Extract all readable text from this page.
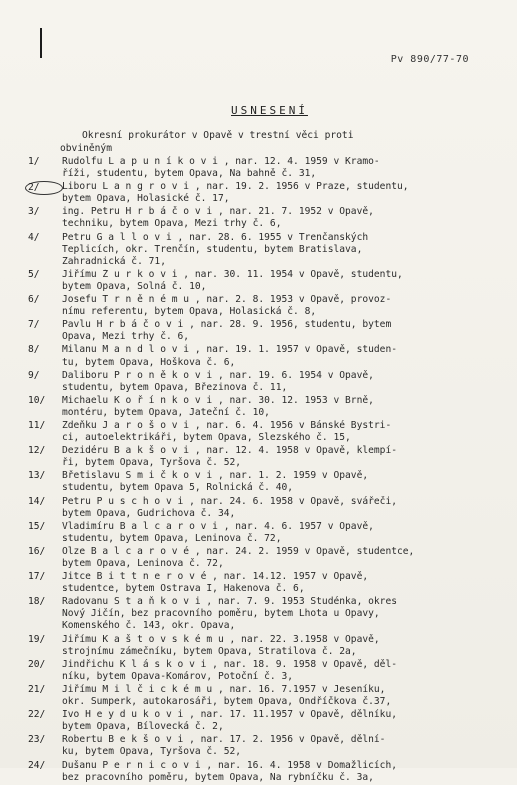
Pv 890/77-70
USNESENÍ
Okresní prokurátor v Opavě v trestní věci proti
obviněným
1/	Rudolfu L a p u n í k o v i , nar. 12. 4. 1959 v Kramo-
říži, studentu, bytem Opava, Na bahně č. 31,
2/	Liboru L a n g r o v i , nar. 19. 2. 1956 v Praze, studentu,
bytem Opava, Holasické č. 17,
3/	ing. Petru H r b á č o v i , nar. 21. 7. 1952 v Opavě,
techniku, bytem Opava, Mezi trhy č. 6,
4/	Petru G a l l o v i , nar. 28. 6. 1955 v Trenčanských
Teplicích, okr. Trenčín, studentu, bytem Bratislava,
Zahradnická č. 71,
5/	Jiřímu Ž u r k o v i , nar. 30. 11. 1954 v Opavě, studentu,
bytem Opava, Solná č. 10,
6/	Josefu T r n ě n é m u , nar. 2. 8. 1953 v Opavě, provoz-
nímu referentu, bytem Opava, Holasická č. 8,
7/	Pavlu H r b á č o v i , nar. 28. 9. 1956, studentu, bytem
Opava, Mezi trhy č. 6,
8/	Milanu M a n d l o v i , nar. 19. 1. 1957 v Opavě, studen-
tu, bytem Opava, Hoškova č. 6,
9/	Daliboru P r o n ě k o v i , nar. 19. 6. 1954 v Opavě,
studentu, bytem Opava, Březinova č. 11,
10/	Michaelu K o ř í n k o v i , nar. 30. 12. 1953 v Brně,
montéru, bytem Opava, Jateční č. 10,
11/	Zdeňku J a r o š o v i , nar. 6. 4. 1956 v Bánské Bystri-
ci, autoelektrikáři, bytem Opava, Slezského č. 15,
12/	Dezidéru B a k š o v i , nar. 12. 4. 1958 v Opavě, klempí-
ři, bytem Opava, Tyršova č. 52,
13/	Břetislavu S m i č k o v i , nar. 1. 2. 1959 v Opavě,
studentu, bytem Opava 5, Rolnická č. 40,
14/	Petru P u s c h o v i , nar. 24. 6. 1958 v Opavě, svářeči,
bytem Opava, Gudrichova č. 34,
15/	Vladimíru B a l c a r o v i , nar. 4. 6. 1957 v Opavě,
studentu, bytem Opava, Leninova č. 72,
16/	Olze B a l c a r o v é , nar. 24. 2. 1959 v Opavě, studentce,
bytem Opava, Leninova č. 72,
17/	Jitce B i t t n e r o v é , nar. 14.12. 1957 v Opavě,
studentce, bytem Ostrava I, Hakenova č. 6,
18/	Radovanu S t a ň k o v i , nar. 7. 9. 1953 Studénka, okres
Nový Jičín, bez pracovního poměru, bytem Lhota u Opavy,
Komenského č. 143, okr. Opava,
19/	Jiřímu K a š t o v s k é m u , nar. 22. 3.1958 v Opavě,
strojnímu zámečníku, bytem Opava, Stratilova č. 2a,
20/	Jindřichu K l á s k o v i , nar. 18. 9. 1958 v Opavě, děl-
níku, bytem Opava-Komárov, Potoční č. 3,
21/	Jiřímu M i l č i c k é m u , nar. 16. 7.1957 v Jeseníku,
okr. Šumperk, autokarosáři, bytem Opava, Ondříčkova č.37,
22/	Ivo H e y d u k o v i , nar. 17. 11.1957 v Opavě, dělníku,
bytem Opava, Bílovecká č. 2,
23/	Robertu B e k š o v i , nar. 17. 2. 1956 v Opavě, dělní-
ku, bytem Opava, Tyršova č. 52,
24/	Dušanu P e r n i c o v i , nar. 16. 4. 1958 v Domažlicích,
bez pracovního poměru, bytem Opava, Na rybníčku č. 3a,
